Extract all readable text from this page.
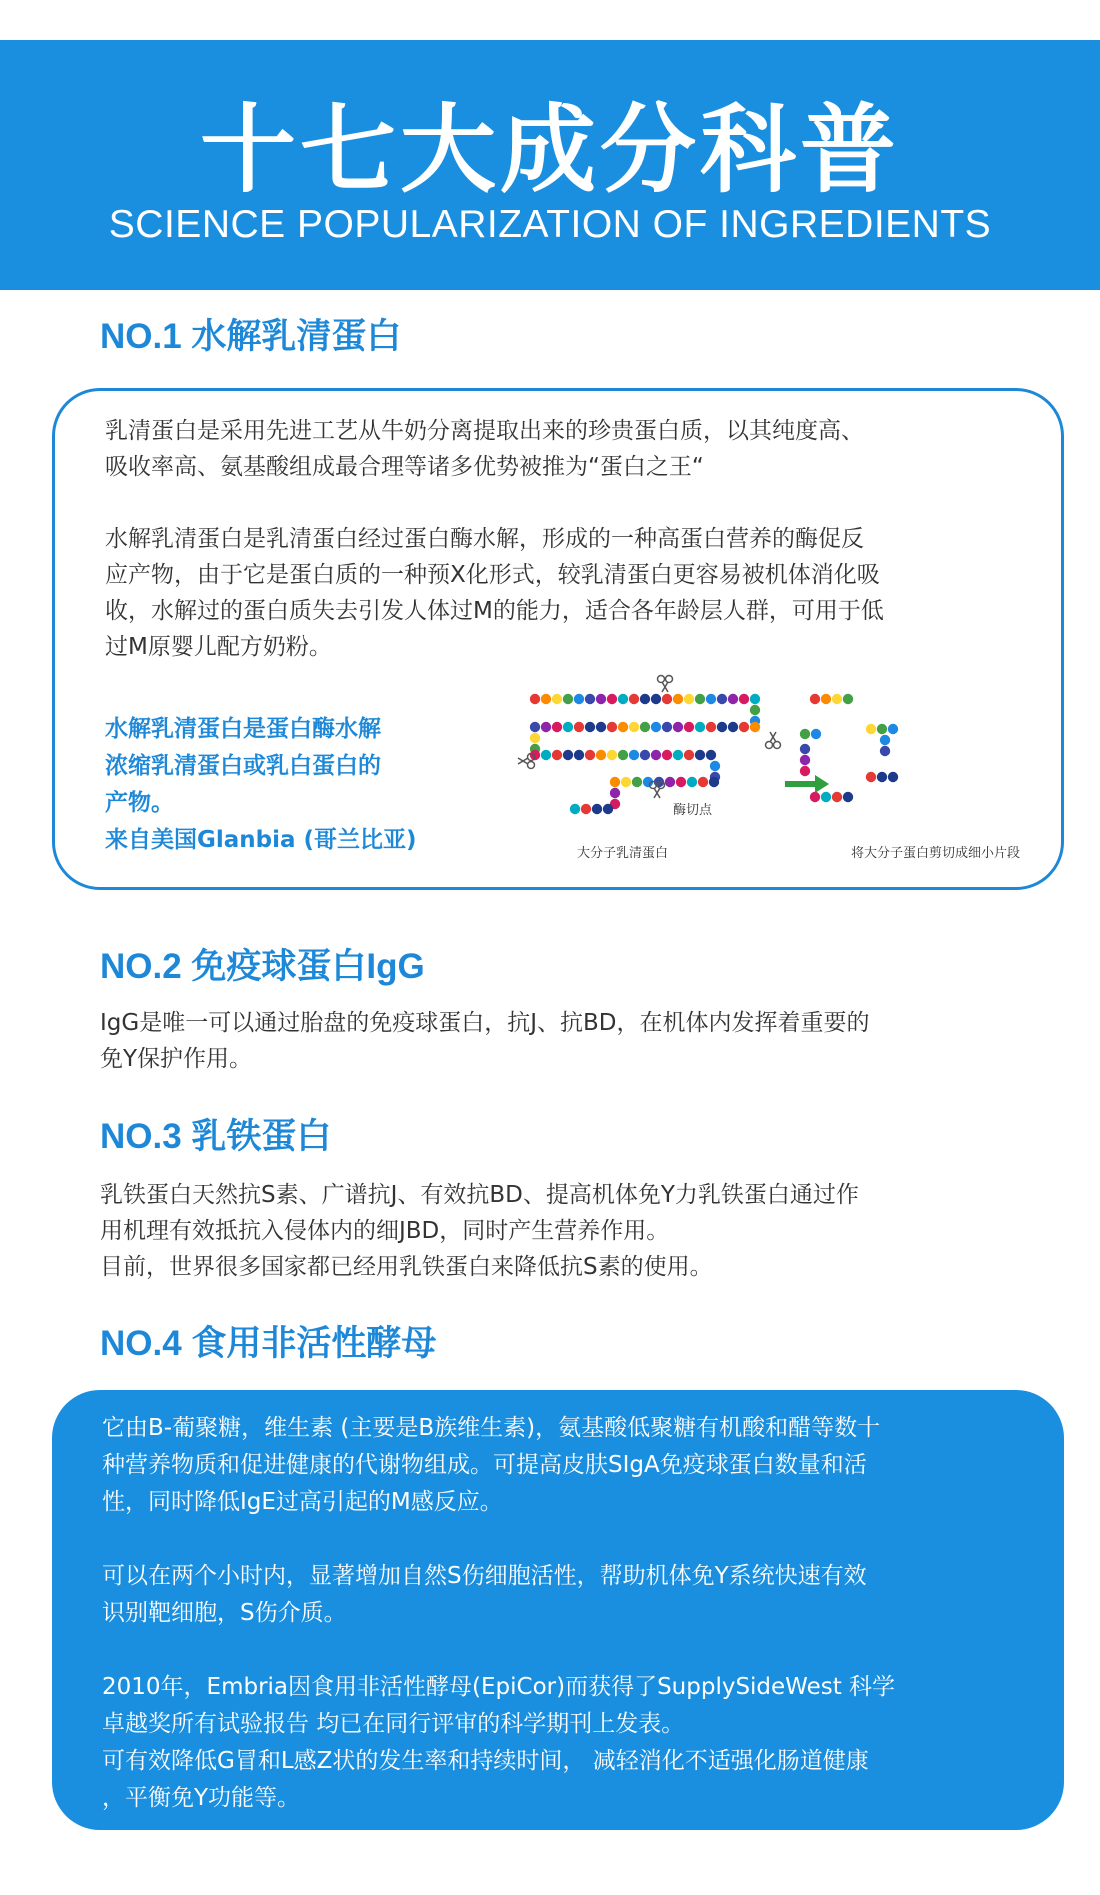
十七大成分科普
SCIENCE POPULARIZATION OF INGREDIENTS
NO.1 水解乳清蛋白

乳清蛋白是采用先进工艺从牛奶分离提取出来的珍贵蛋白质，以其纯度高、
吸收率高、氨基酸组成最合理等诸多优势被推为“蛋白之王“

水解乳清蛋白是乳清蛋白经过蛋白酶水解，形成的一种高蛋白营养的酶促反
应产物，由于它是蛋白质的一种预X化形式，较乳清蛋白更容易被机体消化吸
收，水解过的蛋白质失去引发人体过M的能力，适合各年龄层人群，可用于低
过M原婴儿配方奶粉。

水解乳清蛋白是蛋白酶水解
浓缩乳清蛋白或乳白蛋白的
产物。
来自美国Glanbia (哥兰比亚)
酶切点
大分子乳清蛋白	将大分子蛋白剪切成细小片段
NO.2 免疫球蛋白IgG

IgG是唯一可以通过胎盘的免疫球蛋白，抗J、抗BD，在机体内发挥着重要的
免Y保护作用。

NO.3 乳铁蛋白

乳铁蛋白天然抗S素、广谱抗J、有效抗BD、提高机体免Y力乳铁蛋白通过作
用机理有效抵抗入侵体内的细JBD，同时产生营养作用。
目前，世界很多国家都已经用乳铁蛋白来降低抗S素的使用。

NO.4 食用非活性酵母

它由B-葡聚糖，维生素 (主要是B族维生素)，氨基酸低聚糖有机酸和醋等数十
种营养物质和促进健康的代谢物组成。可提高皮肤SIgA免疫球蛋白数量和活
性，同时降低IgE过高引起的M感反应。

可以在两个小时内，显著增加自然S伤细胞活性，帮助机体免Y系统快速有效
识别靶细胞，S伤介质。

2010年，Embria因食用非活性酵母(EpiCor)而获得了SupplySideWest 科学
卓越奖所有试验报告 均已在同行评审的科学期刊上发表。
可有效降低G冒和L感Z状的发生率和持续时间， 减轻消化不适强化肠道健康
，平衡免Y功能等。
